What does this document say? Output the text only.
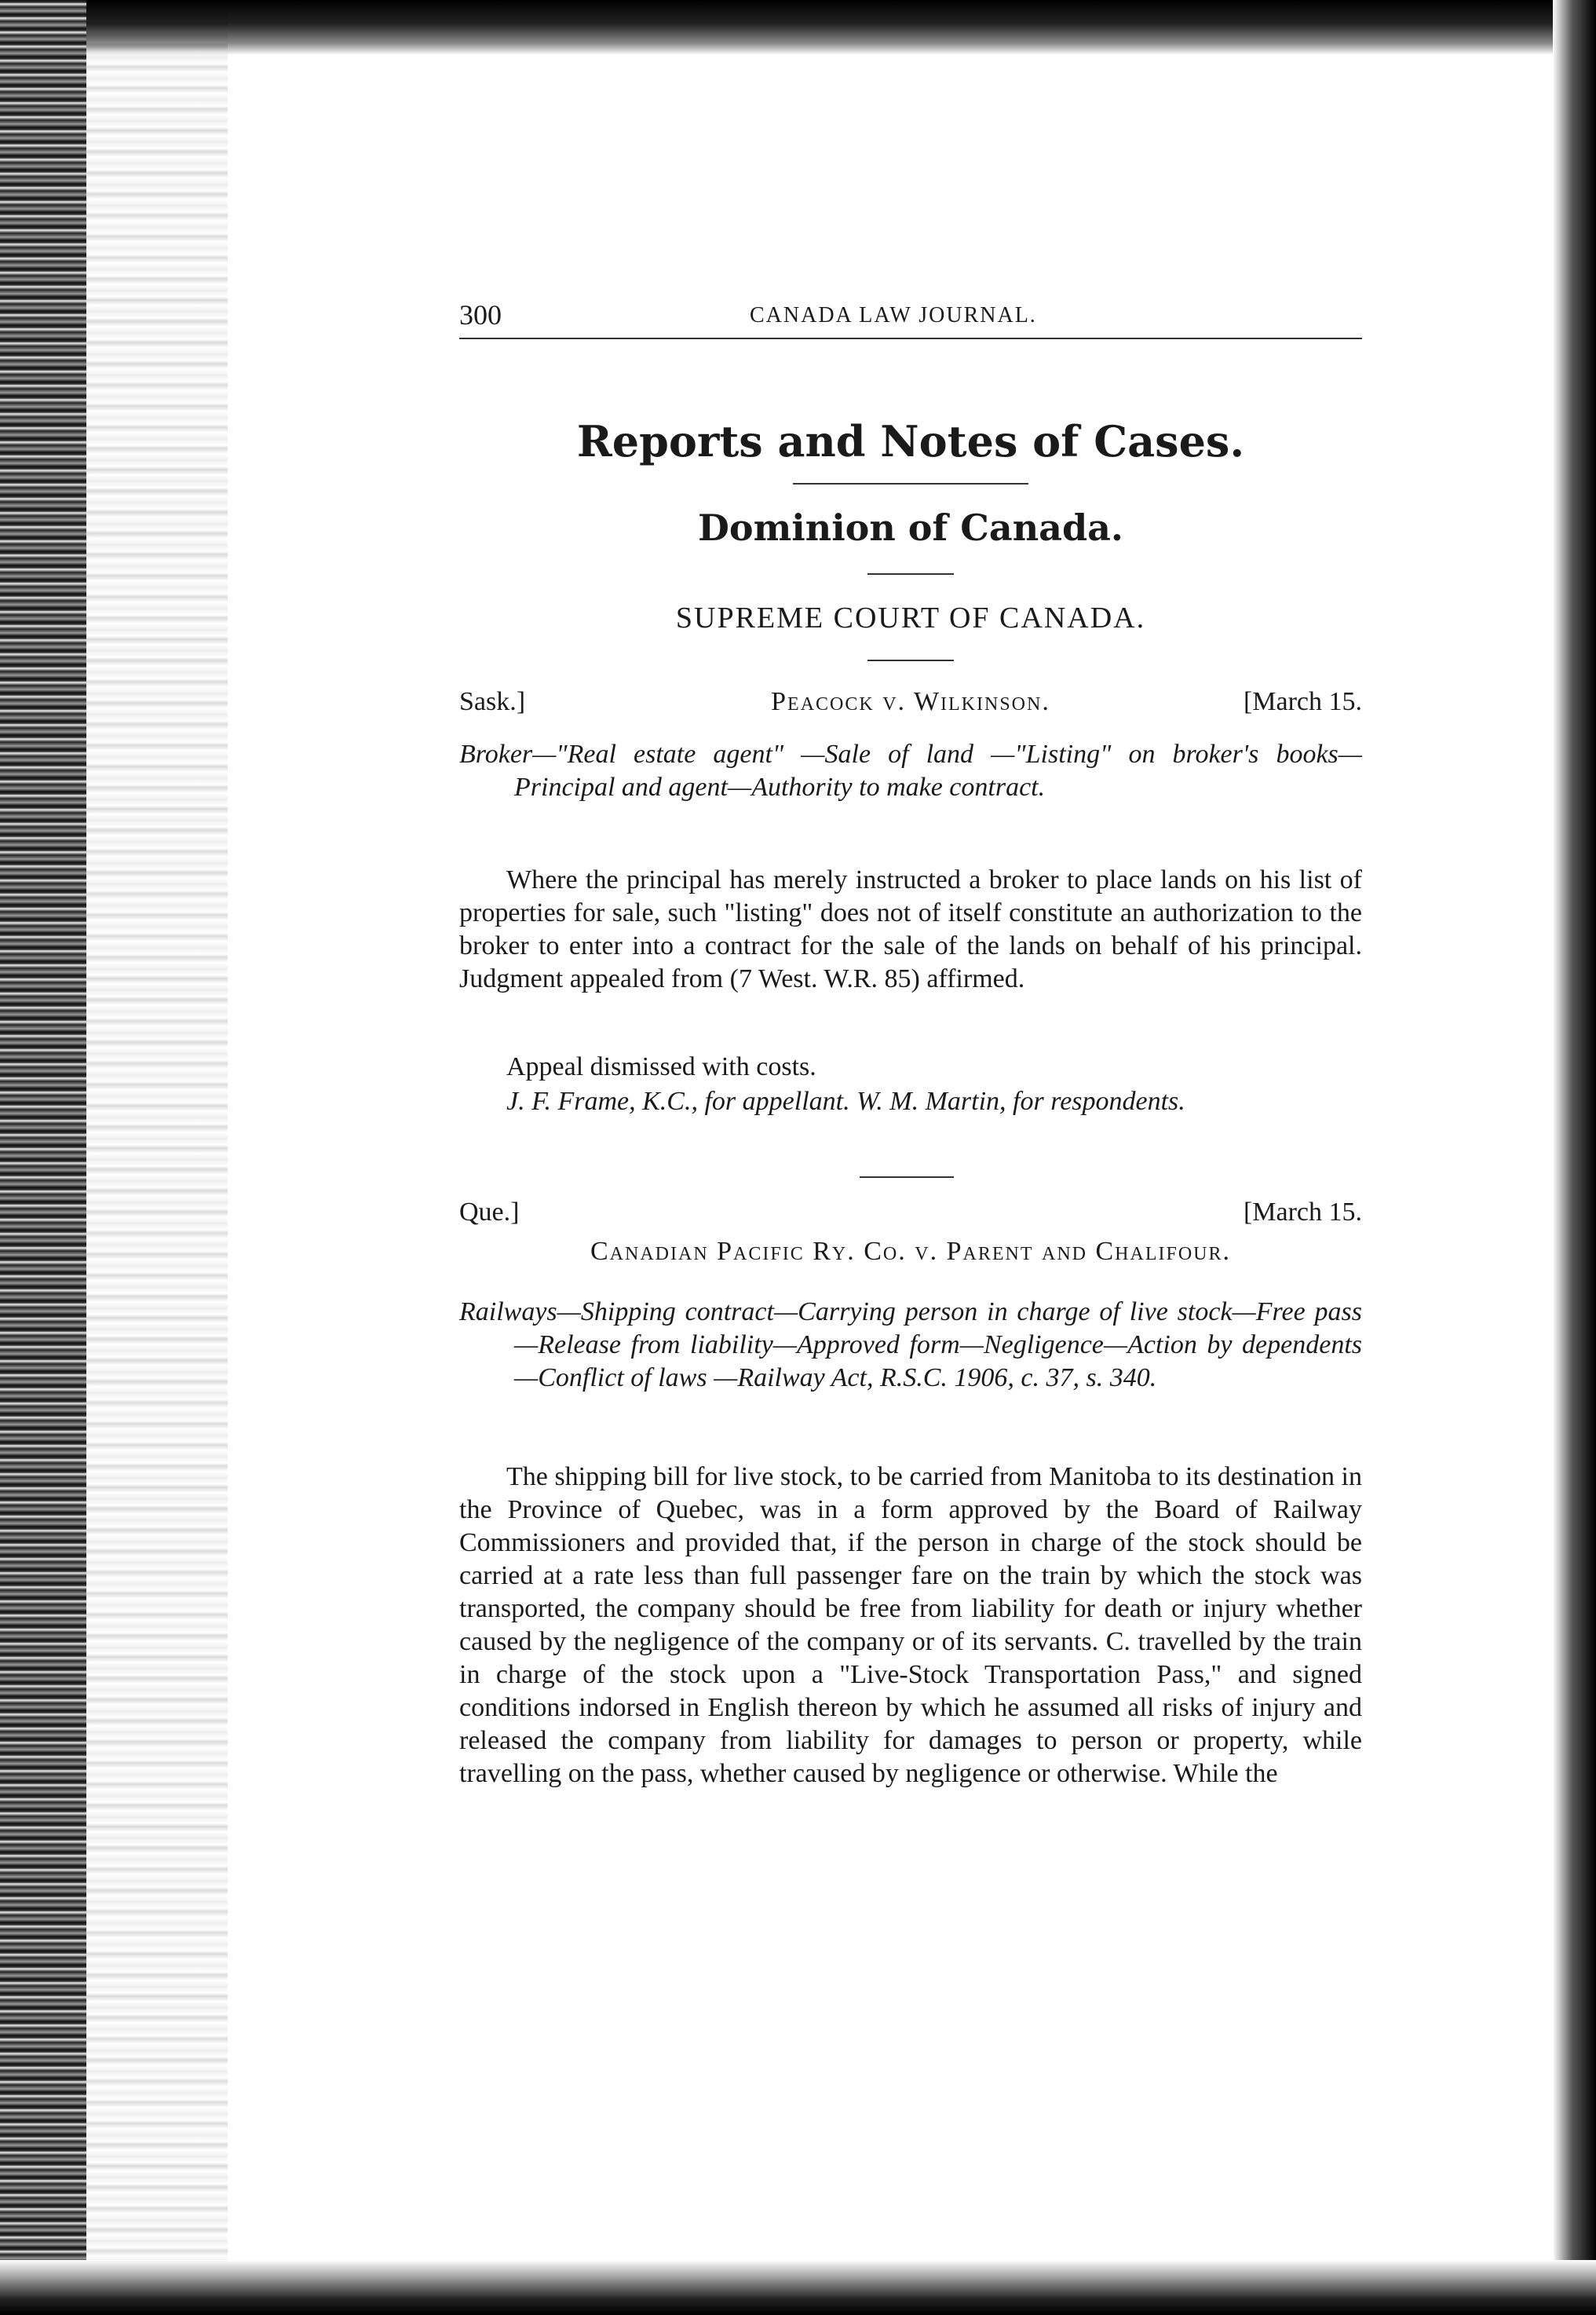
300	CANADA LAW JOURNAL.
Reports and Notes of Cases.
Dominion of Canada.
SUPREME COURT OF CANADA.
Sask.]	Peacock v. Wilkinson.	[March 15.
Broker—"Real estate agent" —Sale of land —"Listing" on broker's books—Principal and agent—Authority to make contract.
Where the principal has merely instructed a broker to place lands on his list of properties for sale, such "listing" does not of itself constitute an authorization to the broker to enter into a contract for the sale of the lands on behalf of his principal. Judgment appealed from (7 West. W.R. 85) affirmed.
Appeal dismissed with costs.
J. F. Frame, K.C., for appellant. W. M. Martin, for respondents.
Que.]	[March 15.
Canadian Pacific Ry. Co. v. Parent and Chalifour.
Railways—Shipping contract—Carrying person in charge of live stock—Free pass—Release from liability—Approved form—Negligence—Action by dependents—Conflict of laws —Railway Act, R.S.C. 1906, c. 37, s. 340.
The shipping bill for live stock, to be carried from Manitoba to its destination in the Province of Quebec, was in a form approved by the Board of Railway Commissioners and provided that, if the person in charge of the stock should be carried at a rate less than full passenger fare on the train by which the stock was transported, the company should be free from liability for death or injury whether caused by the negligence of the company or of its servants. C. travelled by the train in charge of the stock upon a "Live-Stock Transportation Pass," and signed conditions indorsed in English thereon by which he assumed all risks of injury and released the company from liability for damages to person or property, while travelling on the pass, whether caused by negligence or otherwise. While the
